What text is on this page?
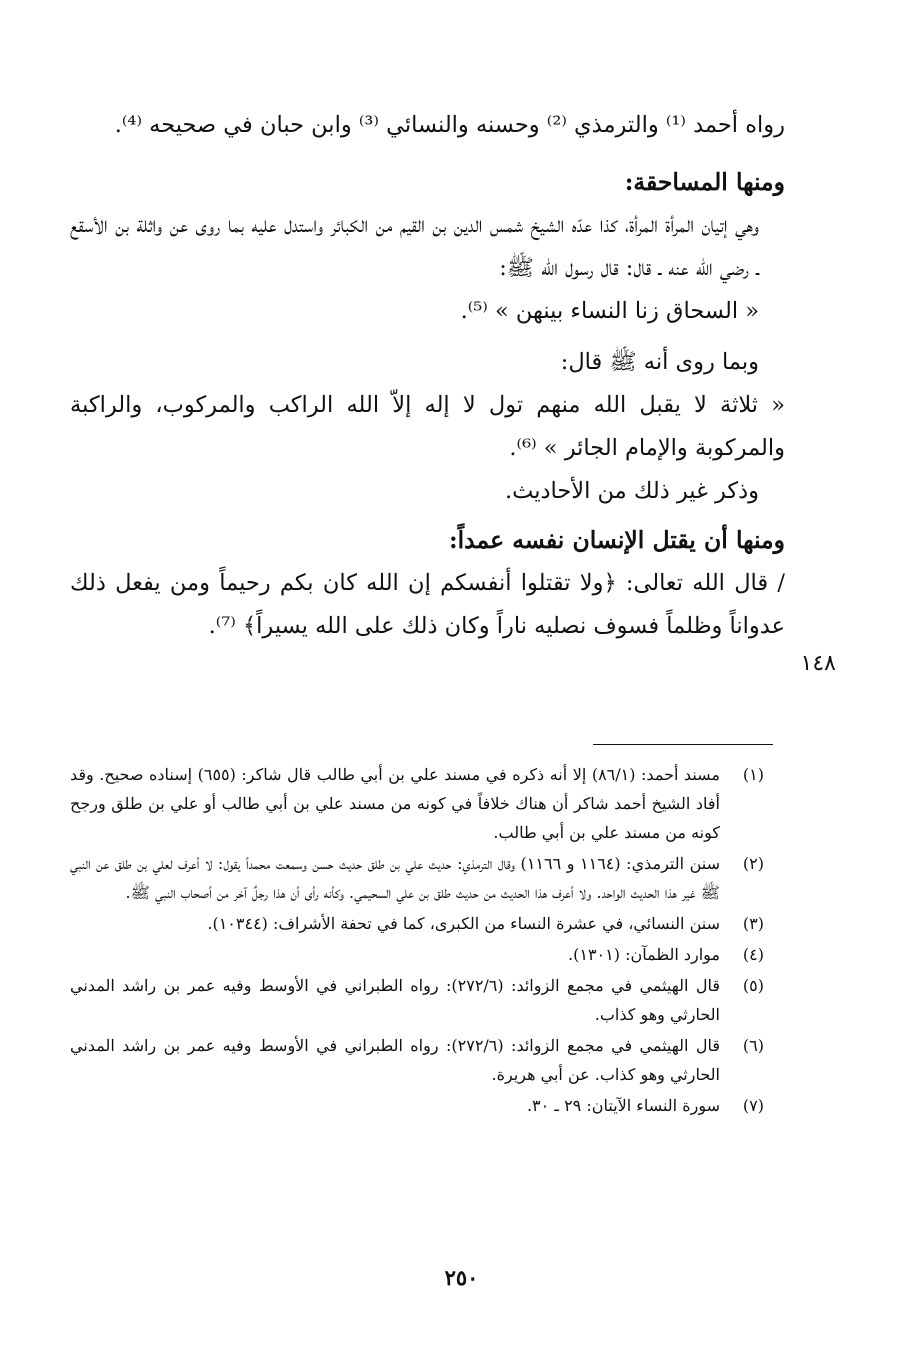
رواه أحمد ⁽¹⁾ والترمذي ⁽²⁾ وحسنه والنسائي ⁽³⁾ وابن حبان في صحيحه ⁽⁴⁾.

ومنها المساحقة:

وهي إتيان المرأة المرأة، كذا عدّه الشيخ شمس الدين بن القيم من الكبائر واستدل عليه بما روى عن واثلة بن الأسقع ـ رضي الله عنه ـ قال: قال رسول الله ﷺ:

« السحاق زنا النساء بينهن » ⁽⁵⁾.

وبما روى أنه ﷺ قال:

« ثلاثة لا يقبل الله منهم تول لا إله إلاّ الله الراكب والمركوب، والراكبة والمركوبة والإمام الجائر » ⁽⁶⁾.

وذكر غير ذلك من الأحاديث.

ومنها أن يقتل الإنسان نفسه عمداً:

/ قال الله تعالى: ﴿ولا تقتلوا أنفسكم إن الله كان بكم رحيماً ومن يفعل ذلك عدواناً وظلماً فسوف نصليه ناراً وكان ذلك على الله يسيراً﴾ ⁽⁷⁾.

١٤٨
(١)
مسند أحمد: (٨٦/١) إلا أنه ذكره في مسند علي بن أبي طالب قال شاكر: (٦٥٥) إسناده صحيح. وقد أفاد الشيخ أحمد شاكر أن هناك خلافاً في كونه من مسند علي بن أبي طالب أو علي بن طلق ورجح كونه من مسند علي بن أبي طالب.
(٢)
سنن الترمذي: (١١٦٤ و ١١٦٦) وقال الترمذي: حديث علي بن طلق حديث حسن وسمعت محمداً يقول: لا أعرف لعلي بن طلق عن النبي ﷺ غير هذا الحديث الواحد. ولا أعرف هذا الحديث من حديث طلق بن علي السحيمي. وكأنه رأى أن هذا رجلٌ آخر من أصحاب النبي ﷺ.
(٣)
سنن النسائي، في عشرة النساء من الكبرى، كما في تحفة الأشراف: (١٠٣٤٤).
(٤)
موارد الظمآن: (١٣٠١).
(٥)
قال الهيثمي في مجمع الزوائد: (٢٧٢/٦): رواه الطبراني في الأوسط وفيه عمر بن راشد المدني الحارثي وهو كذاب.
(٦)
قال الهيثمي في مجمع الزوائد: (٢٧٢/٦): رواه الطبراني في الأوسط وفيه عمر بن راشد المدني الحارثي وهو كذاب. عن أبي هريرة.
(٧)
سورة النساء الآيتان: ٢٩ ـ ٣٠.
٢٥٠
